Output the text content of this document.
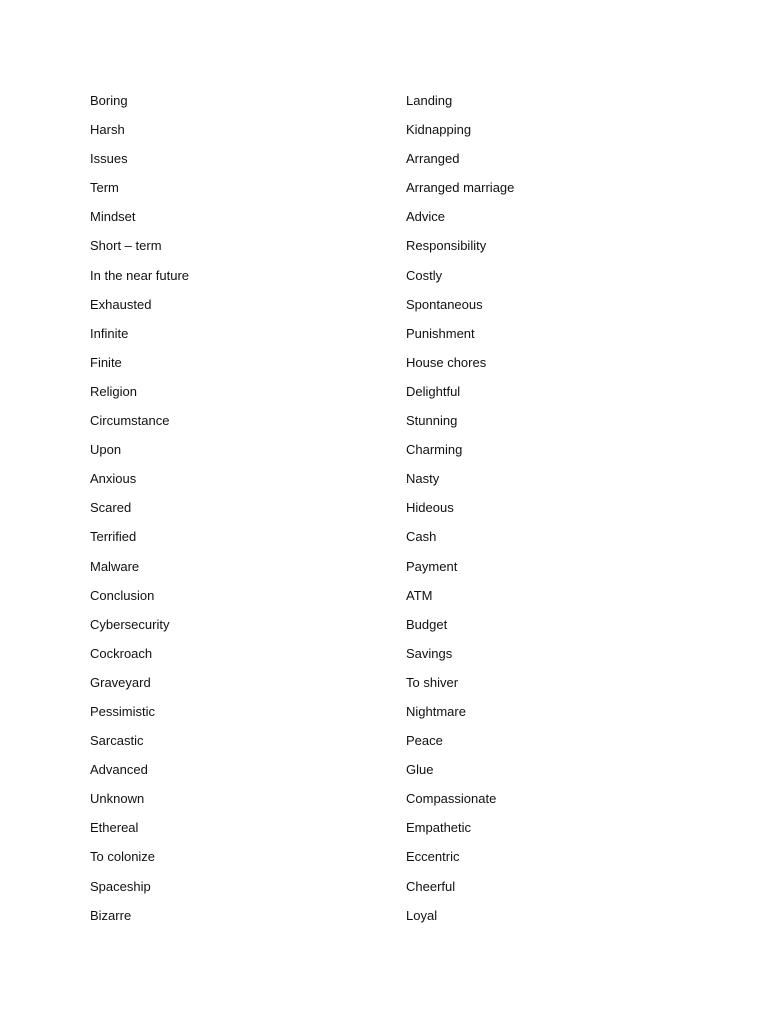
Boring
Harsh
Issues
Term
Mindset
Short – term
In the near future
Exhausted
Infinite
Finite
Religion
Circumstance
Upon
Anxious
Scared
Terrified
Malware
Conclusion
Cybersecurity
Cockroach
Graveyard
Pessimistic
Sarcastic
Advanced
Unknown
Ethereal
To colonize
Spaceship
Bizarre
Landing
Kidnapping
Arranged
Arranged marriage
Advice
Responsibility
Costly
Spontaneous
Punishment
House chores
Delightful
Stunning
Charming
Nasty
Hideous
Cash
Payment
ATM
Budget
Savings
To shiver
Nightmare
Peace
Glue
Compassionate
Empathetic
Eccentric
Cheerful
Loyal
